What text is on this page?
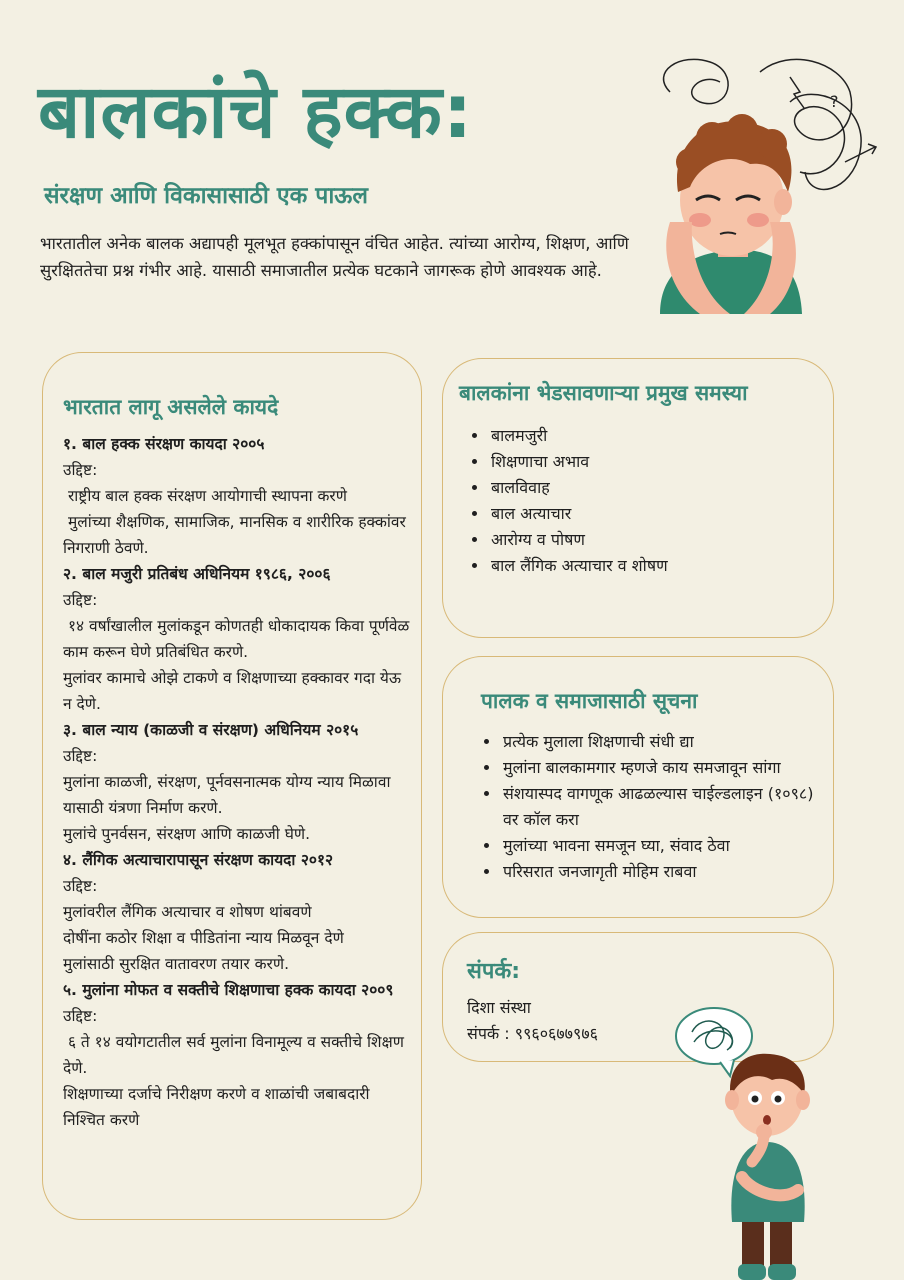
बालकांचे हक्क:
संरक्षण आणि विकासासाठी एक पाऊल
भारतातील अनेक बालक अद्यापही मूलभूत हक्कांपासून वंचित आहेत. त्यांच्या आरोग्य, शिक्षण, आणि सुरक्षिततेचा प्रश्न गंभीर आहे. यासाठी समाजातील प्रत्येक घटकाने जागरूक होणे आवश्यक आहे.
?
भारतात लागू असलेले कायदे
१. बाल हक्क संरक्षण कायदा २००५
उद्दिष्ट:
राष्ट्रीय बाल हक्क संरक्षण आयोगाची स्थापना करणे
मुलांच्या शैक्षणिक, सामाजिक, मानसिक व शारीरिक हक्कांवर निगराणी ठेवणे.
२. बाल मजुरी प्रतिबंध अधिनियम १९८६, २००६
उद्दिष्ट:
१४ वर्षांखालील मुलांकडून कोणतही धोकादायक किवा पूर्णवेळ काम करून घेणे प्रतिबंधित करणे.
मुलांवर कामाचे ओझे टाकणे व शिक्षणाच्या हक्कावर गदा येऊ न देणे.
३. बाल न्याय (काळजी व संरक्षण) अधिनियम २०१५
उद्दिष्ट:
मुलांना काळजी, संरक्षण, पूर्नवसनात्मक योग्य न्याय मिळावा यासाठी यंत्रणा निर्माण करणे.
मुलांचे पुनर्वसन, संरक्षण आणि काळजी घेणे.
४. लैंगिक अत्याचारापासून संरक्षण कायदा २०१२
उद्दिष्ट:
मुलांवरील लैंगिक अत्याचार व शोषण थांबवणे
दोषींना कठोर शिक्षा व पीडितांना न्याय मिळवून देणे
मुलांसाठी सुरक्षित वातावरण तयार करणे.
५. मुलांना मोफत व सक्तीचे शिक्षणाचा हक्क कायदा २००९
उद्दिष्ट:
६ ते १४ वयोगटातील सर्व मुलांना विनामूल्य व सक्तीचे शिक्षण देणे.
शिक्षणाच्या दर्जाचे निरीक्षण करणे व शाळांची जबाबदारी निश्चित करणे
बालकांना भेडसावणाऱ्या प्रमुख समस्या
• बालमजुरी
• शिक्षणाचा अभाव
• बालविवाह
• बाल अत्याचार
• आरोग्य व पोषण
• बाल लैंगिक अत्याचार व शोषण
पालक व समाजासाठी सूचना
• प्रत्येक मुलाला शिक्षणाची संधी द्या
• मुलांना बालकामगार म्हणजे काय समजावून सांगा
• संशयास्पद वागणूक आढळल्यास चाईल्डलाइन (१०९८) वर कॉल करा
• मुलांच्या भावना समजून घ्या, संवाद ठेवा
• परिसरात जनजागृती मोहिम राबवा
संपर्क:
दिशा संस्था
संपर्क : ९९६०६७७९७६
